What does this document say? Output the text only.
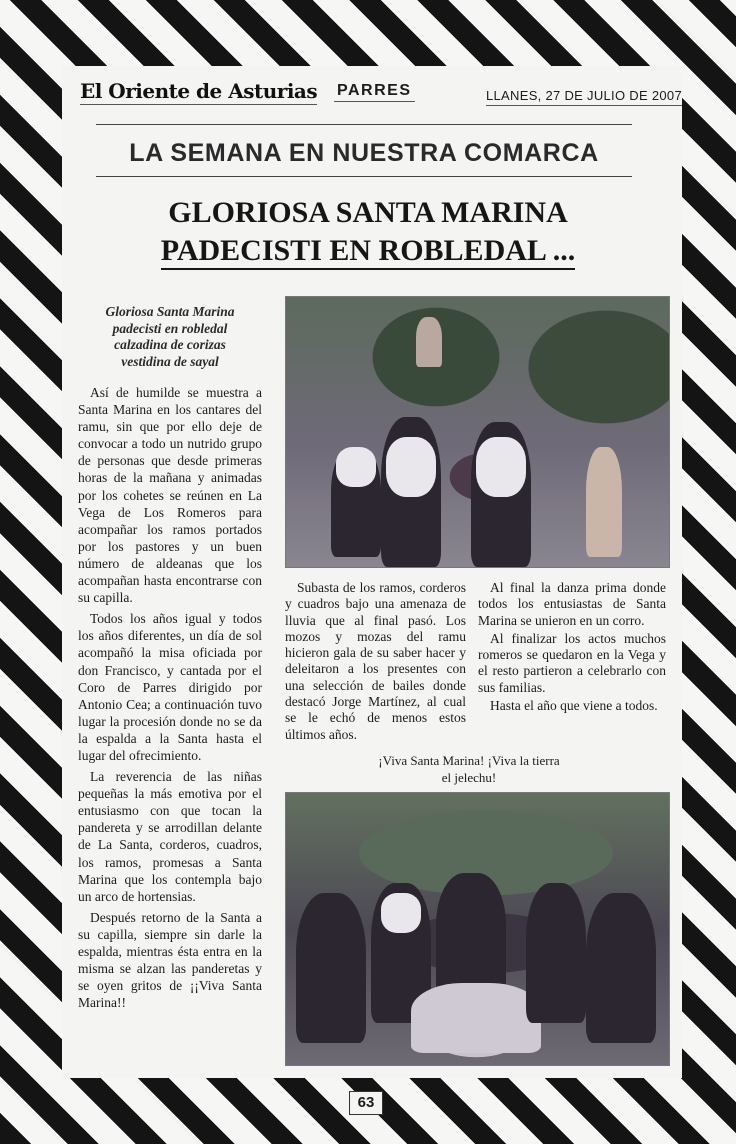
El Oriente de Asturias PARRES	LLANES, 27 DE JULIO DE 2007
LA SEMANA EN NUESTRA COMARCA
GLORIOSA SANTA MARINA
PADECISTI EN ROBLEDAL ...
Gloriosa Santa Marina
padecisti en robledal
calzadina de corizas
vestidina de sayal

Así de humilde se muestra a Santa Marina en los cantares del ramu, sin que por ello deje de convocar a todo un nutrido grupo de personas que desde primeras horas de la mañana y animadas por los cohetes se reúnen en La Vega de Los Romeros para acompañar los ramos portados por los pastores y un buen número de aldeanas que los acompañan hasta encontrarse con su capilla.

Todos los años igual y todos los años diferentes, un día de sol acompañó la misa oficiada por don Francisco, y cantada por el Coro de Parres dirigido por Antonio Cea; a continuación tuvo lugar la procesión donde no se da la espalda a la Santa hasta el lugar del ofrecimiento.

La reverencia de las niñas pequeñas la más emotiva por el entusiasmo con que tocan la pandereta y se arrodillan delante de La Santa, corderos, cuadros, los ramos, promesas a Santa Marina que los contempla bajo un arco de hortensias.

Después retorno de la Santa a su capilla, siempre sin darle la espalda, mientras ésta entra en la misma se alzan las panderetas y se oyen gritos de ¡¡Viva Santa Marina!!

Subasta de los ramos, corderos y cuadros bajo una amenaza de lluvia que al final pasó. Los mozos y mozas del ramu hicieron gala de su saber hacer y deleitaron a los presentes con una selección de bailes donde destacó Jorge Martínez, al cual se le echó de menos estos últimos años.

Al final la danza prima donde todos los entusiastas de Santa Marina se unieron en un corro.

Al finalizar los actos muchos romeros se quedaron en la Vega y el resto partieron a celebrarlo con sus familias.

Hasta el año que viene a todos.

¡Viva Santa Marina! ¡Viva la tierra el jelechu!
63
